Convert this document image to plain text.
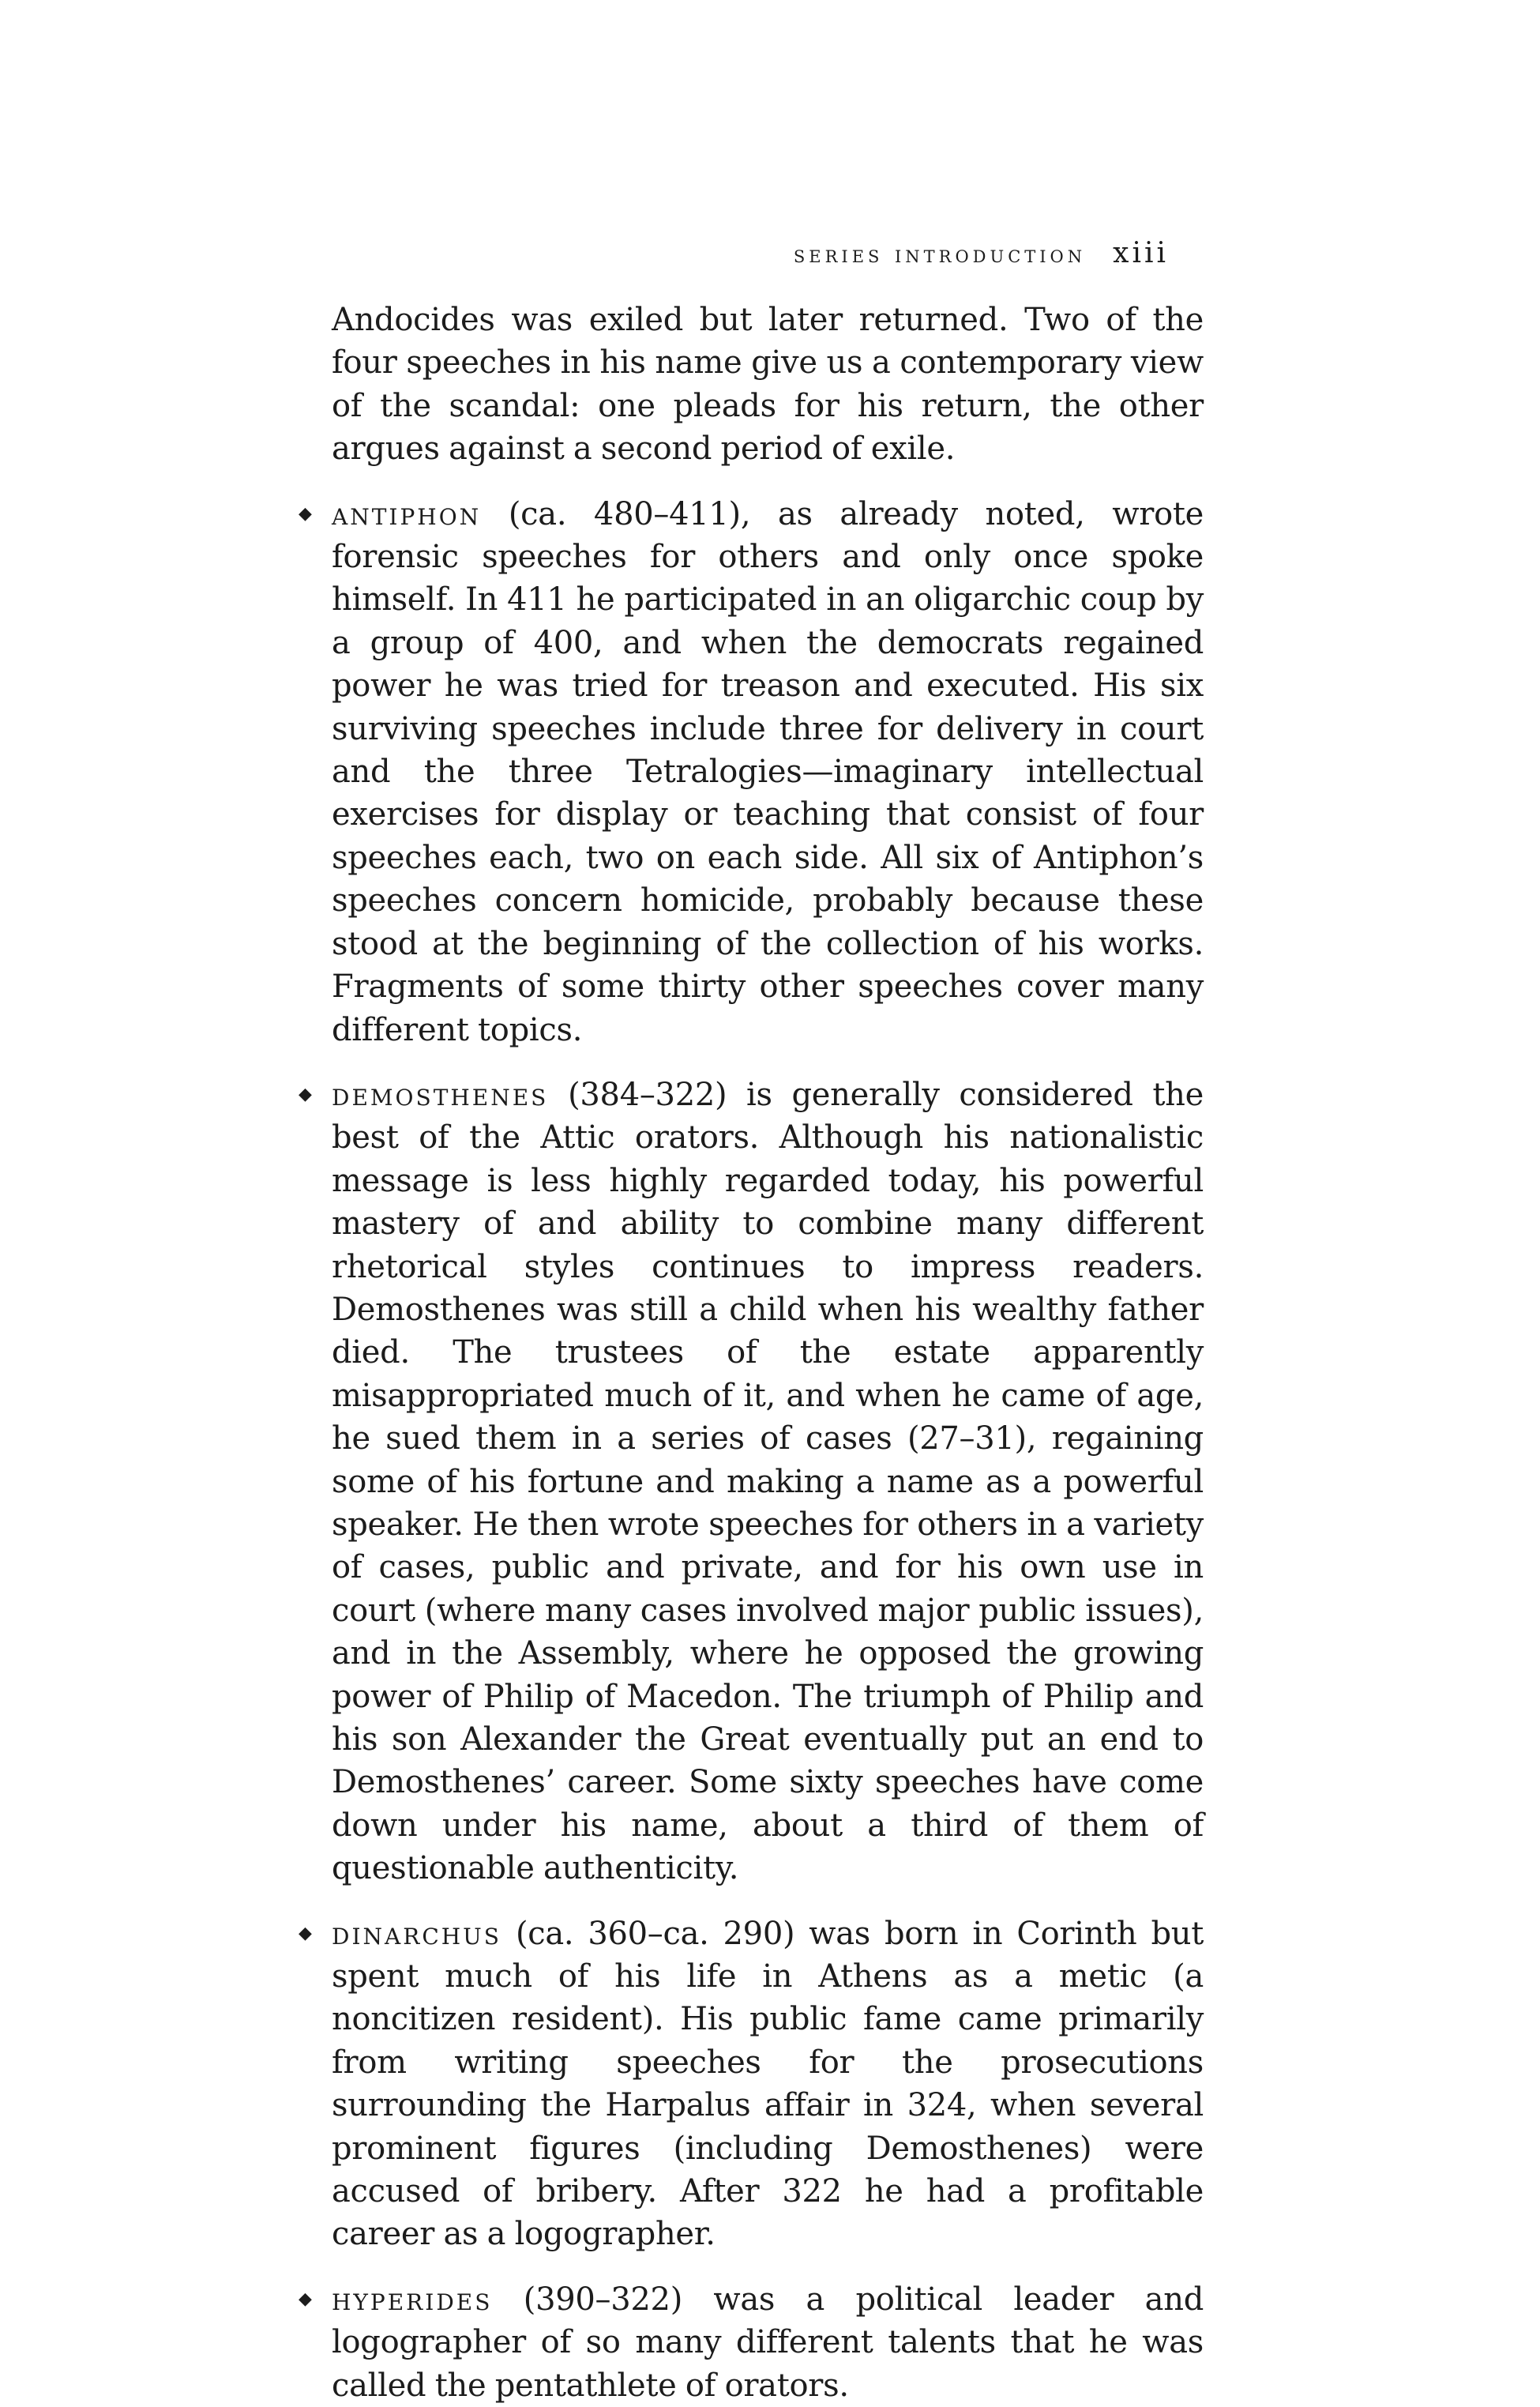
series introduction xiii

Andocides was exiled but later returned. Two of the four speeches in his name give us a contemporary view of the scandal: one pleads for his return, the other argues against a second period of exile.

◆ antiphon (ca. 480–411), as already noted, wrote forensic speeches for others and only once spoke himself. In 411 he participated in an oligarchic coup by a group of 400, and when the democrats regained power he was tried for treason and executed. His six surviving speeches include three for delivery in court and the three Tetralogies—imaginary intellectual exercises for display or teaching that consist of four speeches each, two on each side. All six of Antiphon’s speeches concern homicide, probably because these stood at the beginning of the collection of his works. Fragments of some thirty other speeches cover many different topics.

◆ demosthenes (384–322) is generally considered the best of the Attic orators. Although his nationalistic message is less highly regarded today, his powerful mastery of and ability to combine many different rhetorical styles continues to impress readers. Demosthenes was still a child when his wealthy father died. The trustees of the estate apparently misappropriated much of it, and when he came of age, he sued them in a series of cases (27–31), regaining some of his fortune and making a name as a powerful speaker. He then wrote speeches for others in a variety of cases, public and private, and for his own use in court (where many cases involved major public issues), and in the Assembly, where he opposed the growing power of Philip of Macedon. The triumph of Philip and his son Alexander the Great eventually put an end to Demosthenes’ career. Some sixty speeches have come down under his name, about a third of them of questionable authenticity.

◆ dinarchus (ca. 360–ca. 290) was born in Corinth but spent much of his life in Athens as a metic (a noncitizen resident). His public fame came primarily from writing speeches for the prosecutions surrounding the Harpalus affair in 324, when several prominent figures (including Demosthenes) were accused of bribery. After 322 he had a profitable career as a logographer.

◆ hyperides (390–322) was a political leader and logographer of so many different talents that he was called the pentathlete of orators.
